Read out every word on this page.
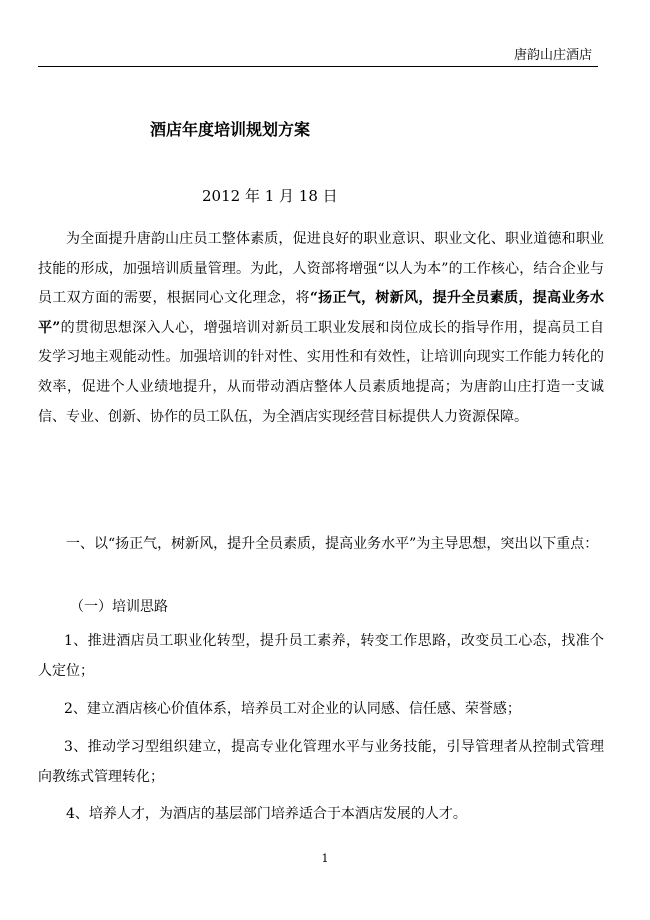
唐韵山庄酒店
酒店年度培训规划方案
2012 年 1 月 18 日

为全面提升唐韵山庄员工整体素质，促进良好的职业意识、职业文化、职业道德和职业技能的形成，加强培训质量管理。为此，人资部将增强“以人为本”的工作核心，结合企业与员工双方面的需要，根据同心文化理念，将“扬正气，树新风，提升全员素质，提高业务水平”的贯彻思想深入人心，增强培训对新员工职业发展和岗位成长的指导作用，提高员工自发学习地主观能动性。加强培训的针对性、实用性和有效性，让培训向现实工作能力转化的效率，促进个人业绩地提升，从而带动酒店整体人员素质地提高；为唐韵山庄打造一支诚信、专业、创新、协作的员工队伍，为全酒店实现经营目标提供人力资源保障。

一、以“扬正气，树新风，提升全员素质，提高业务水平”为主导思想，突出以下重点：

（一）培训思路

1、推进酒店员工职业化转型，提升员工素养，转变工作思路，改变员工心态，找准个人定位；

2、建立酒店核心价值体系，培养员工对企业的认同感、信任感、荣誉感；

3、推动学习型组织建立，提高专业化管理水平与业务技能，引导管理者从控制式管理向教练式管理转化；

4、培养人才，为酒店的基层部门培养适合于本酒店发展的人才。

1
